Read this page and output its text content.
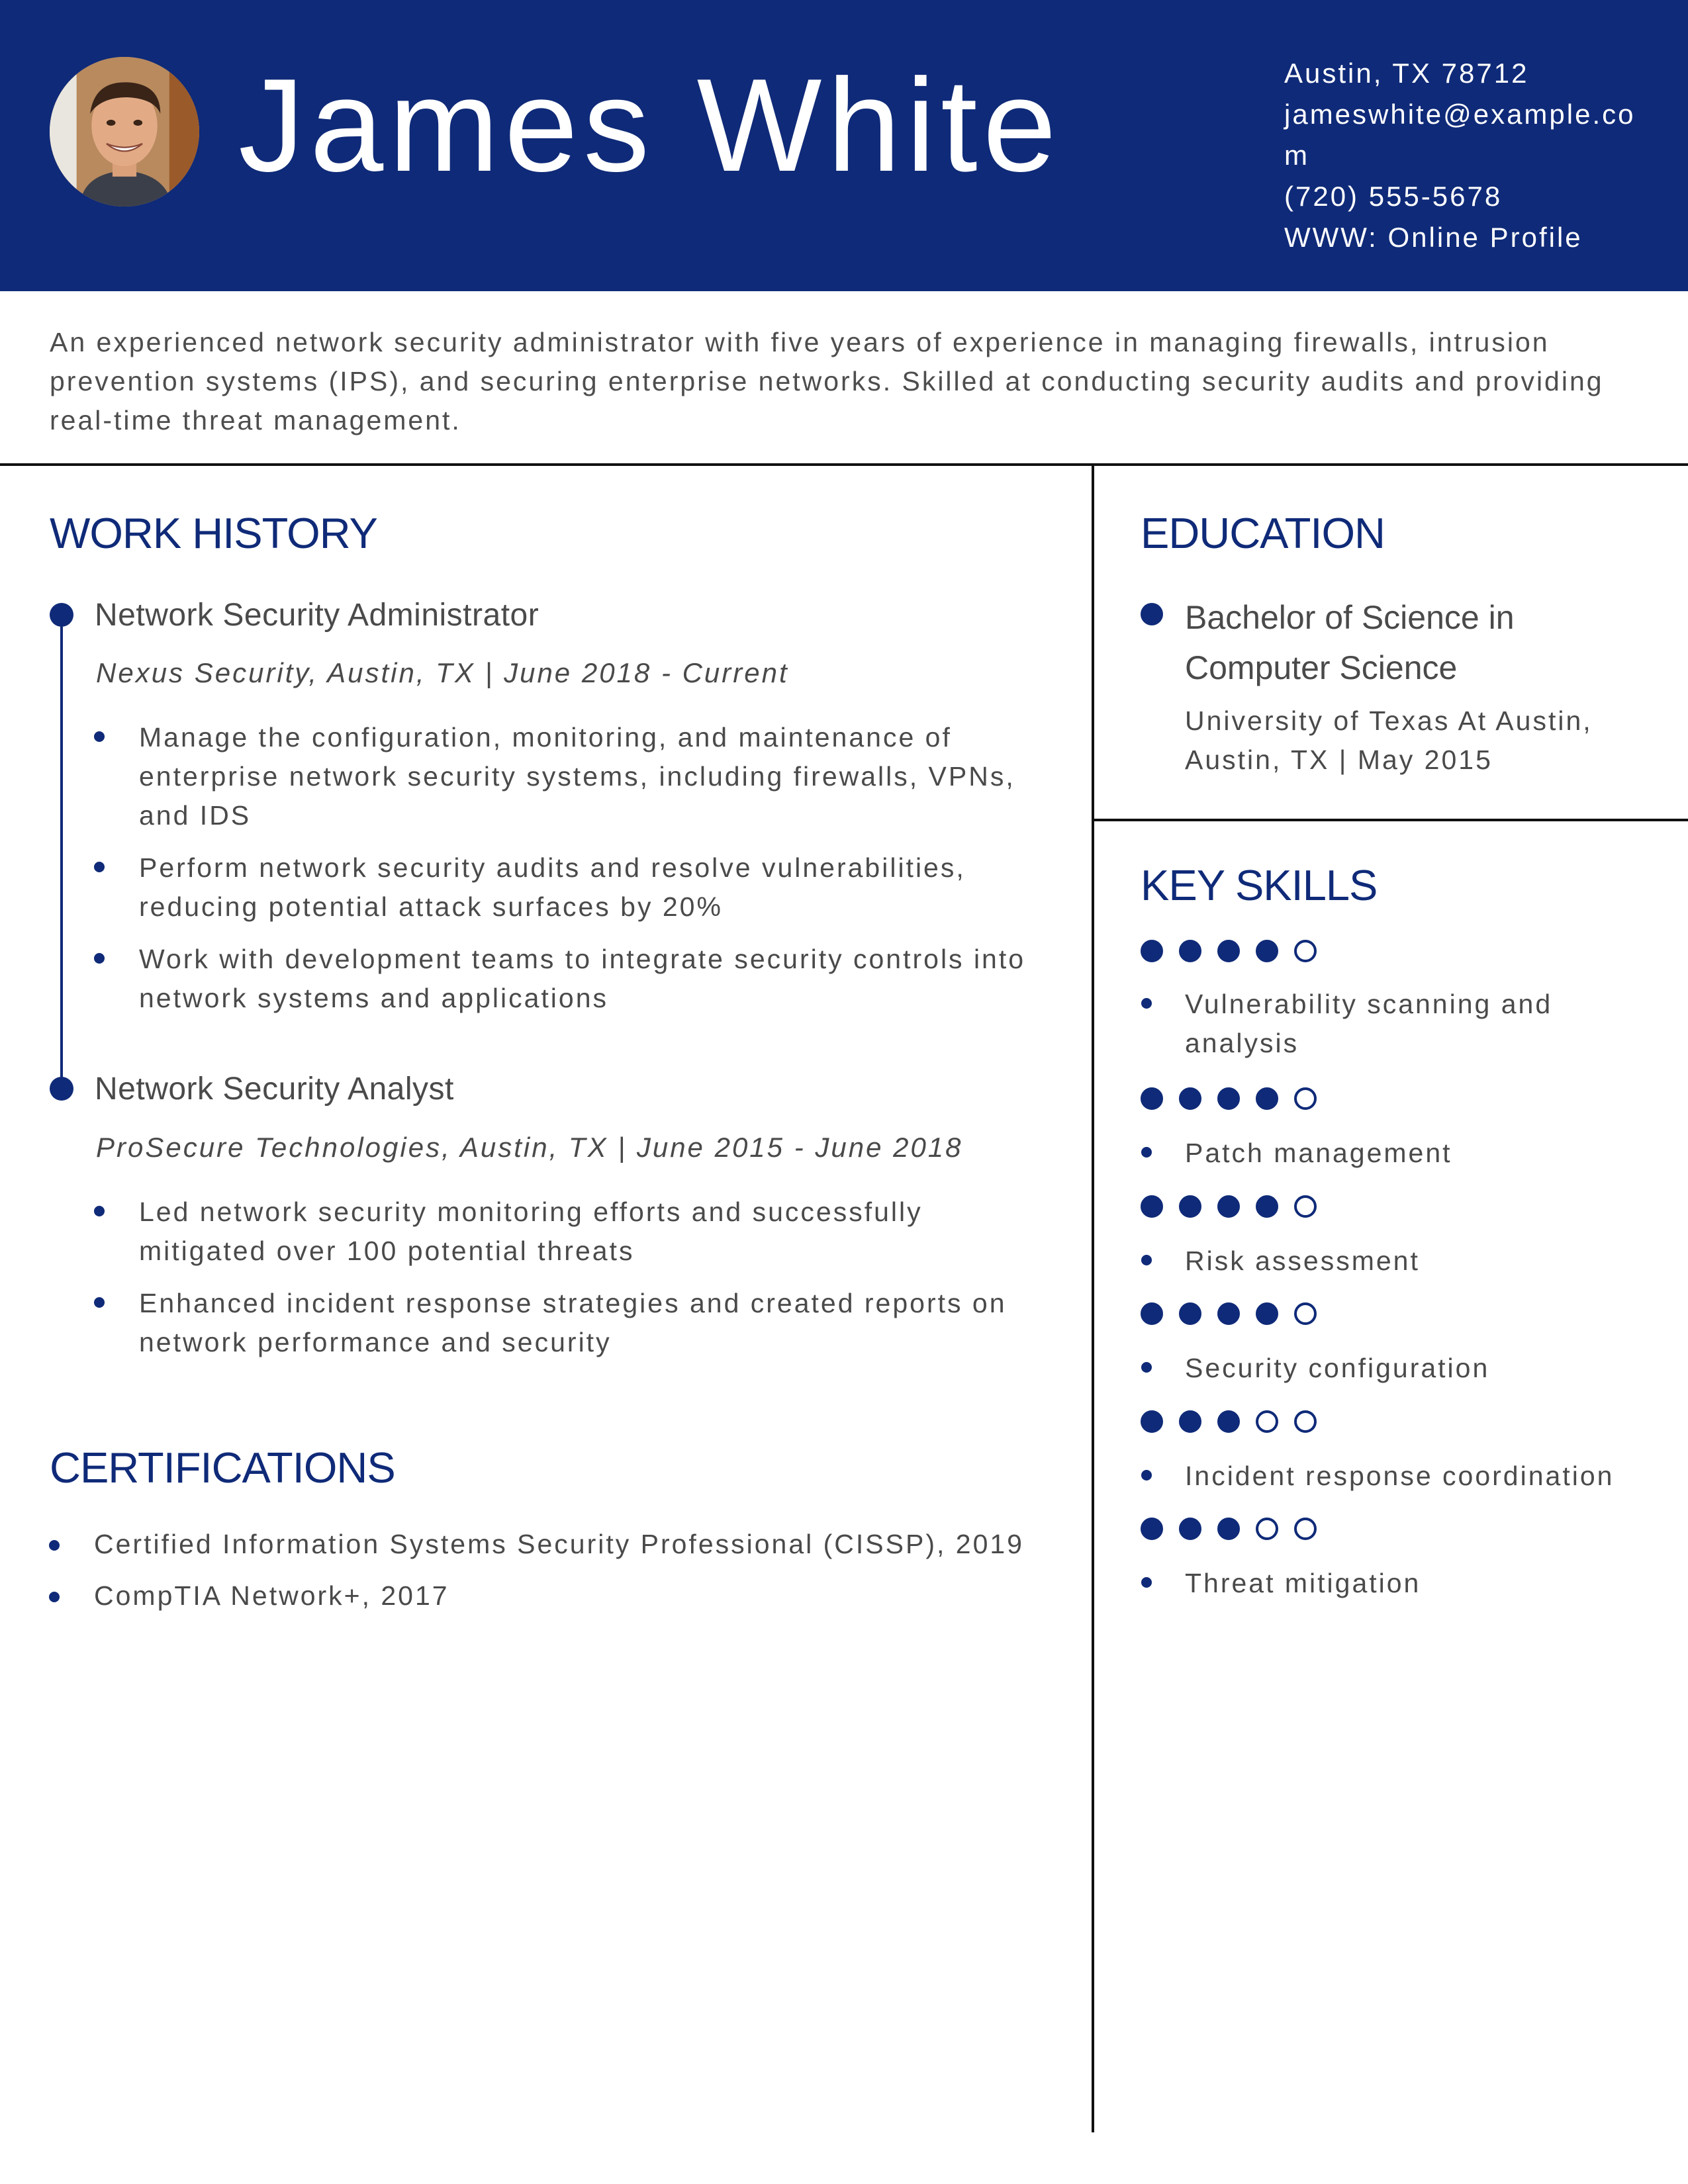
James White	Austin, TX 78712
jameswhite@example.com
(720) 555-5678
WWW: Online Profile
An experienced network security administrator with five years of experience in managing firewalls, intrusion prevention systems (IPS), and securing enterprise networks. Skilled at conducting security audits and providing real-time threat management.
WORK HISTORY
Network Security Administrator
Nexus Security, Austin, TX | June 2018 - Current
Manage the configuration, monitoring, and maintenance of enterprise network security systems, including firewalls, VPNs, and IDS
Perform network security audits and resolve vulnerabilities, reducing potential attack surfaces by 20%
Work with development teams to integrate security controls into network systems and applications
Network Security Analyst
ProSecure Technologies, Austin, TX | June 2015 - June 2018
Led network security monitoring efforts and successfully mitigated over 100 potential threats
Enhanced incident response strategies and created reports on network performance and security
CERTIFICATIONS
Certified Information Systems Security Professional (CISSP), 2019
CompTIA Network+, 2017
EDUCATION
Bachelor of Science in Computer Science
University of Texas At Austin, Austin, TX | May 2015
KEY SKILLS
Vulnerability scanning and analysis
Patch management
Risk assessment
Security configuration
Incident response coordination
Threat mitigation
